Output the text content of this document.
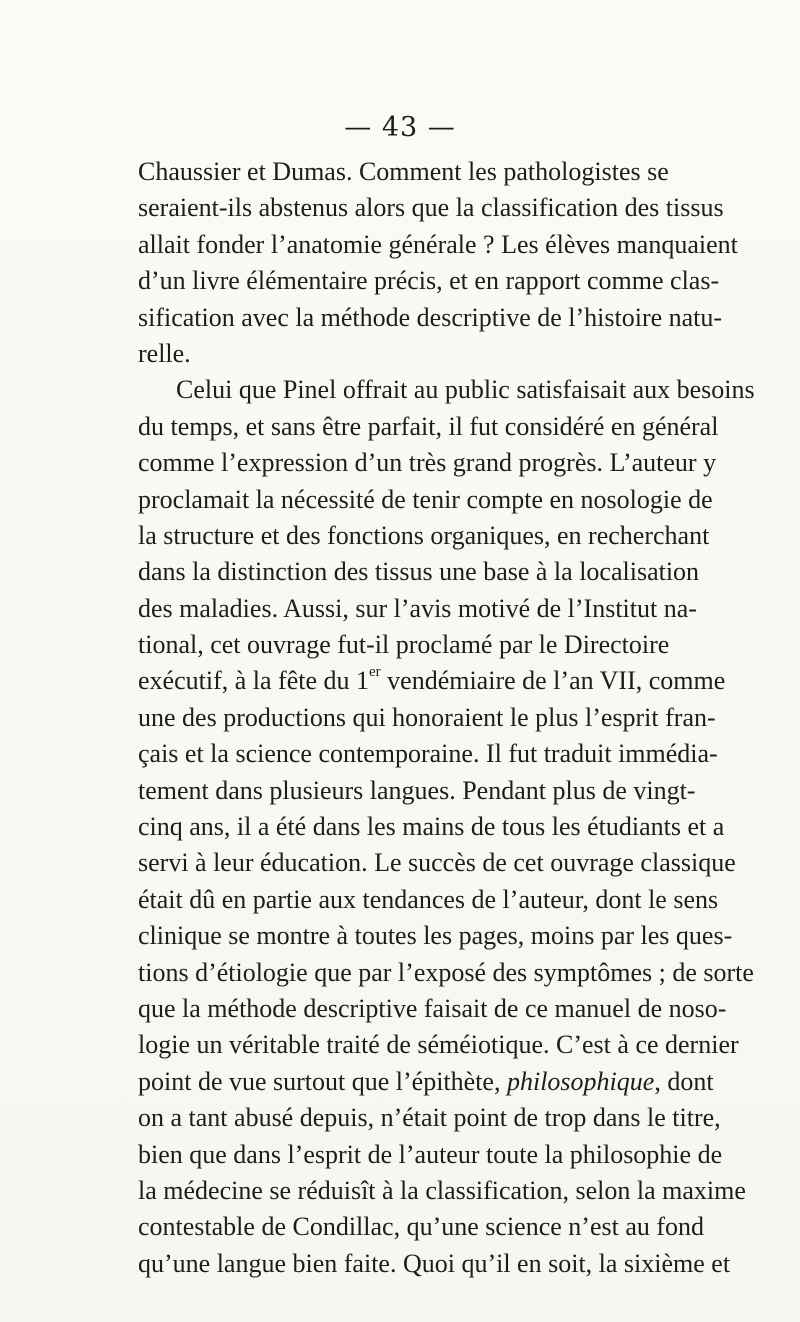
— 43 —
Chaussier et Dumas. Comment les pathologistes se
seraient-ils abstenus alors que la classification des tissus
allait fonder l’anatomie générale ? Les élèves manquaient
d’un livre élémentaire précis, et en rapport comme clas-
sification avec la méthode descriptive de l’histoire natu-
relle.
Celui que Pinel offrait au public satisfaisait aux besoins
du temps, et sans être parfait, il fut considéré en général
comme l’expression d’un très grand progrès. L’auteur y
proclamait la nécessité de tenir compte en nosologie de
la structure et des fonctions organiques, en recherchant
dans la distinction des tissus une base à la localisation
des maladies. Aussi, sur l’avis motivé de l’Institut na-
tional, cet ouvrage fut-il proclamé par le Directoire
exécutif, à la fête du 1er vendémiaire de l’an VII, comme
une des productions qui honoraient le plus l’esprit fran-
çais et la science contemporaine. Il fut traduit immédia-
tement dans plusieurs langues. Pendant plus de vingt-
cinq ans, il a été dans les mains de tous les étudiants et a
servi à leur éducation. Le succès de cet ouvrage classique
était dû en partie aux tendances de l’auteur, dont le sens
clinique se montre à toutes les pages, moins par les ques-
tions d’étiologie que par l’exposé des symptômes ; de sorte
que la méthode descriptive faisait de ce manuel de noso-
logie un véritable traité de séméiotique. C’est à ce dernier
point de vue surtout que l’épithète, philosophique, dont
on a tant abusé depuis, n’était point de trop dans le titre,
bien que dans l’esprit de l’auteur toute la philosophie de
la médecine se réduisît à la classification, selon la maxime
contestable de Condillac, qu’une science n’est au fond
qu’une langue bien faite. Quoi qu’il en soit, la sixième et
